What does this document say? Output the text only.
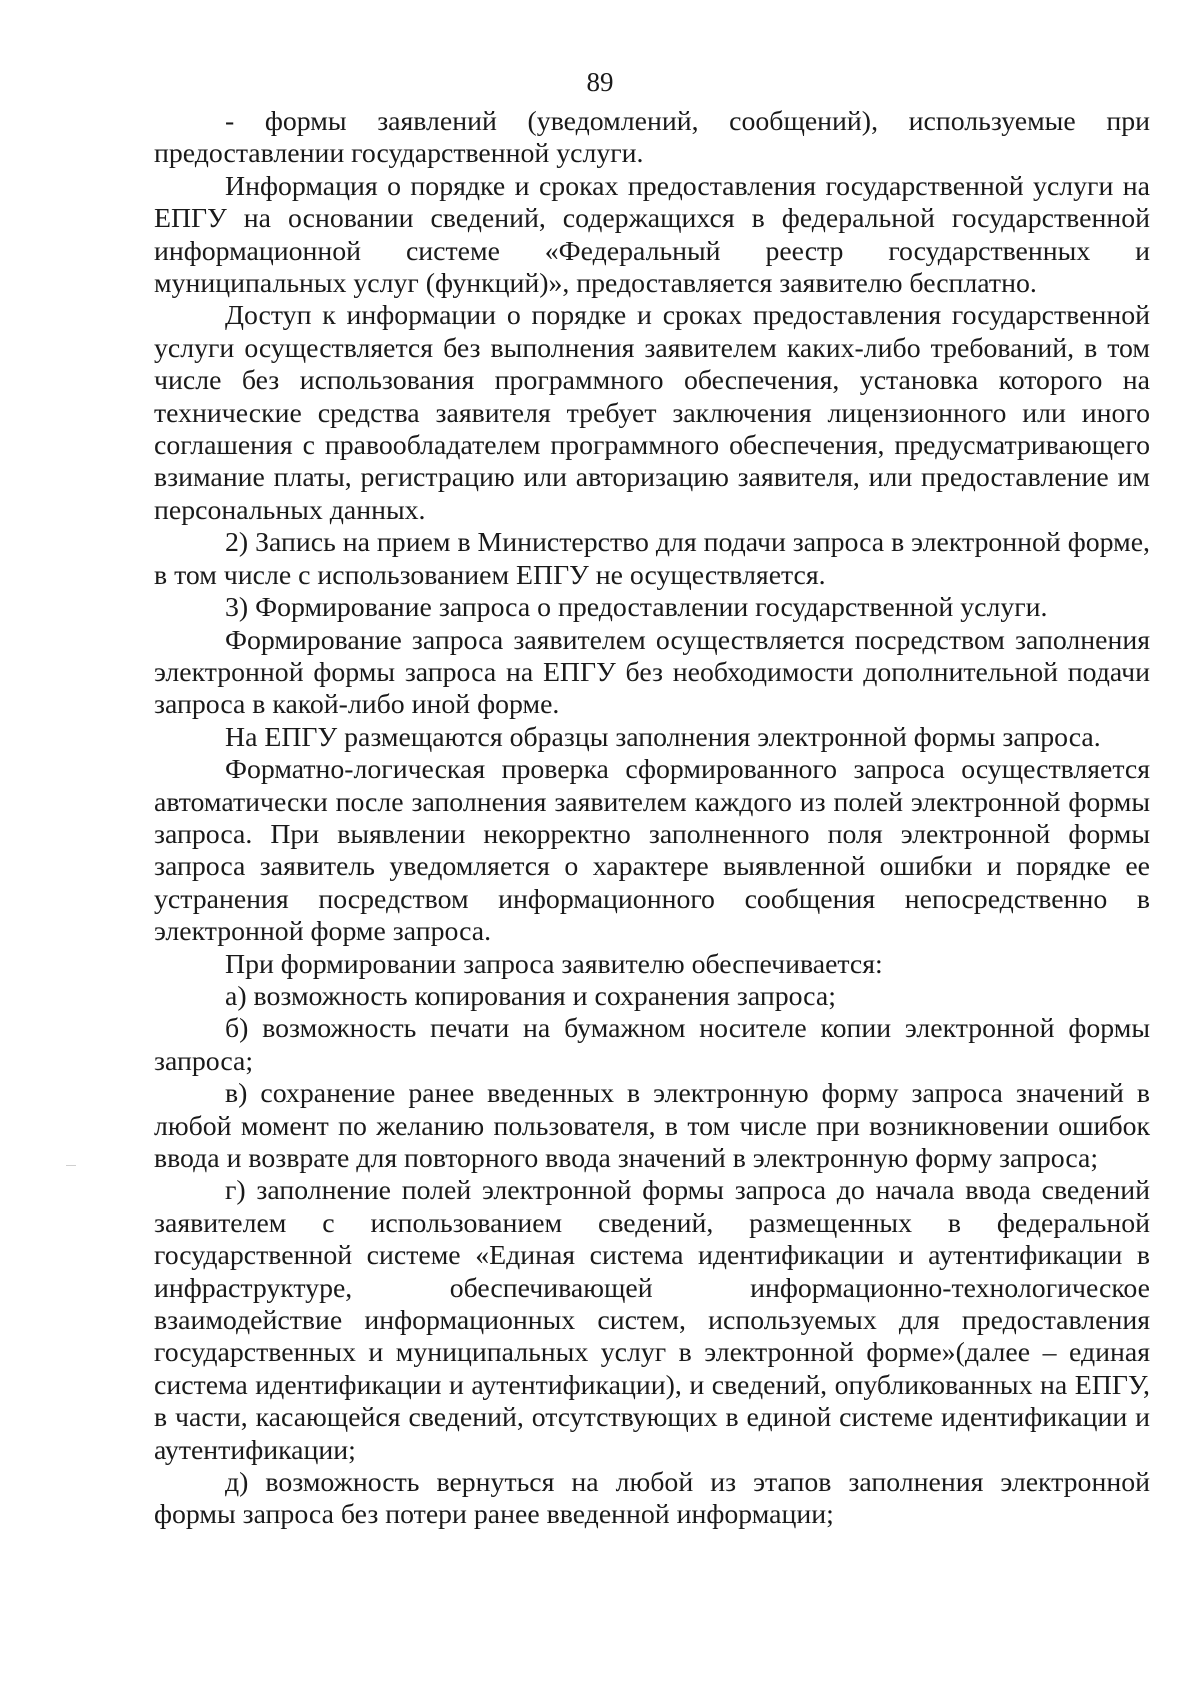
89

- формы заявлений (уведомлений, сообщений), используемые при предоставлении государственной услуги.

Информация о порядке и сроках предоставления государственной услуги на ЕПГУ на основании сведений, содержащихся в федеральной государственной информационной системе «Федеральный реестр государственных и муниципальных услуг (функций)», предоставляется заявителю бесплатно.

Доступ к информации о порядке и сроках предоставления государственной услуги осуществляется без выполнения заявителем каких-либо требований, в том числе без использования программного обеспечения, установка которого на технические средства заявителя требует заключения лицензионного или иного соглашения с правообладателем программного обеспечения, предусматривающего взимание платы, регистрацию или авторизацию заявителя, или предоставление им персональных данных.

2) Запись на прием в Министерство для подачи запроса в электронной форме, в том числе с использованием ЕПГУ не осуществляется.

3) Формирование запроса о предоставлении государственной услуги.

Формирование запроса заявителем осуществляется посредством заполнения электронной формы запроса на ЕПГУ без необходимости дополнительной подачи запроса в какой-либо иной форме.

На ЕПГУ размещаются образцы заполнения электронной формы запроса.

Форматно-логическая проверка сформированного запроса осуществляется автоматически после заполнения заявителем каждого из полей электронной формы запроса. При выявлении некорректно заполненного поля электронной формы запроса заявитель уведомляется о характере выявленной ошибки и порядке ее устранения посредством информационного сообщения непосредственно в электронной форме запроса.

При формировании запроса заявителю обеспечивается:

а) возможность копирования и сохранения запроса;

б) возможность печати на бумажном носителе копии электронной формы запроса;

в) сохранение ранее введенных в электронную форму запроса значений в любой момент по желанию пользователя, в том числе при возникновении ошибок ввода и возврате для повторного ввода значений в электронную форму запроса;

г) заполнение полей электронной формы запроса до начала ввода сведений заявителем с использованием сведений, размещенных в федеральной государственной системе «Единая система идентификации и аутентификации в инфраструктуре, обеспечивающей информационно-технологическое взаимодействие информационных систем, используемых для предоставления государственных и муниципальных услуг в электронной форме»(далее – единая система идентификации и аутентификации), и сведений, опубликованных на ЕПГУ, в части, касающейся сведений, отсутствующих в единой системе идентификации и аутентификации;

д) возможность вернуться на любой из этапов заполнения электронной формы запроса без потери ранее введенной информации;
